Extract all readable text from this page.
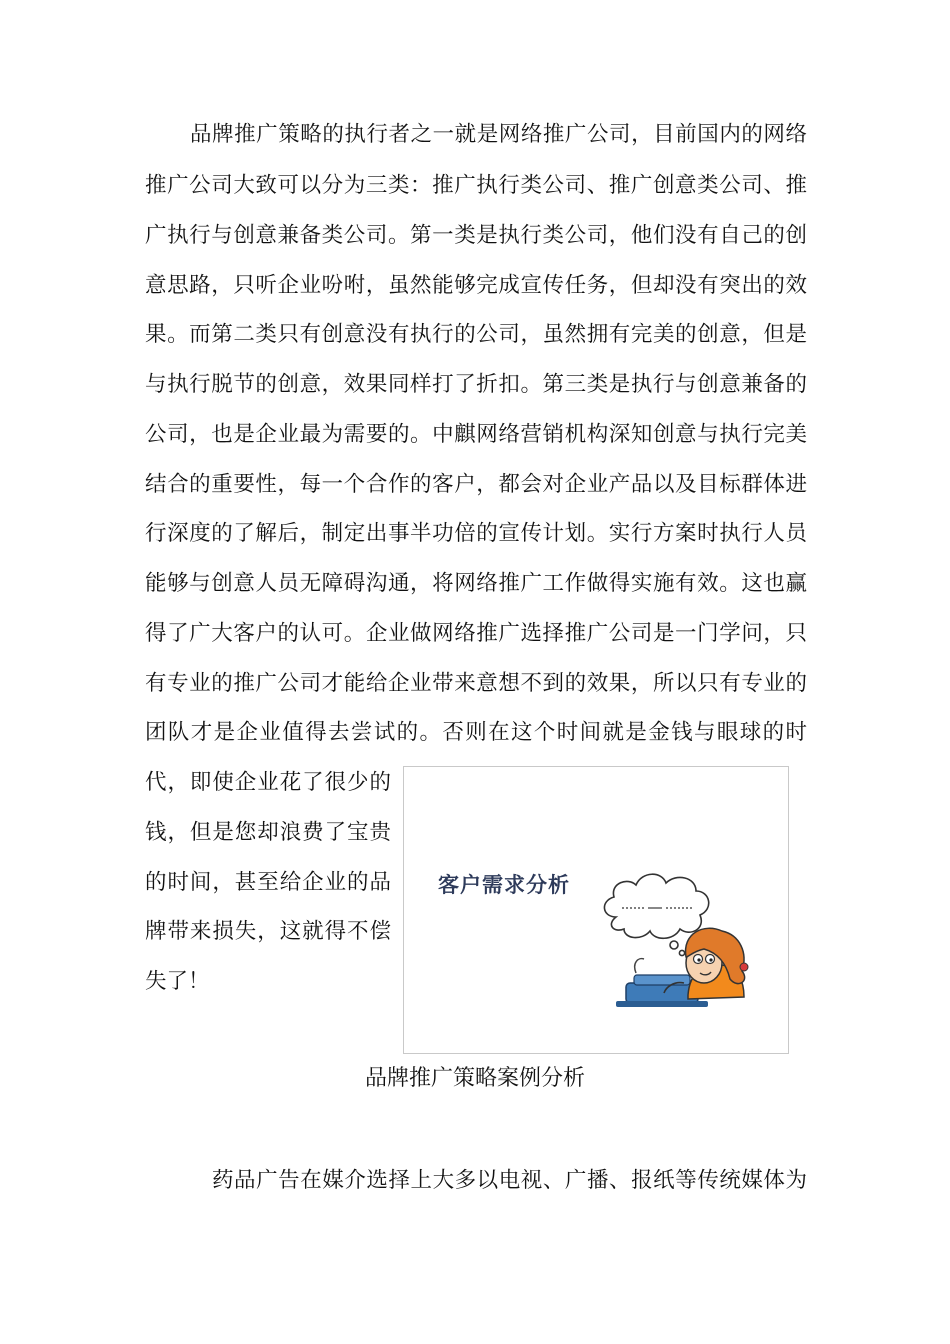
品牌推广策略的执行者之一就是网络推广公司，目前国内的网络
推广公司大致可以分为三类：推广执行类公司、推广创意类公司、推
广执行与创意兼备类公司。第一类是执行类公司，他们没有自己的创
意思路，只听企业吩咐，虽然能够完成宣传任务，但却没有突出的效
果。而第二类只有创意没有执行的公司，虽然拥有完美的创意，但是
与执行脱节的创意，效果同样打了折扣。第三类是执行与创意兼备的
公司，也是企业最为需要的。中麒网络营销机构深知创意与执行完美
结合的重要性，每一个合作的客户，都会对企业产品以及目标群体进
行深度的了解后，制定出事半功倍的宣传计划。实行方案时执行人员
能够与创意人员无障碍沟通，将网络推广工作做得实施有效。这也赢
得了广大客户的认可。企业做网络推广选择推广公司是一门学问，只
有专业的推广公司才能给企业带来意想不到的效果，所以只有专业的
团队才是企业值得去尝试的。否则在这个时间就是金钱与眼球的时
代，即使企业花了很少的
钱，但是您却浪费了宝贵
的时间，甚至给企业的品
牌带来损失，这就得不偿
失了！
客户需求分析
品牌推广策略案例分析
药品广告在媒介选择上大多以电视、广播、报纸等传统媒体为
